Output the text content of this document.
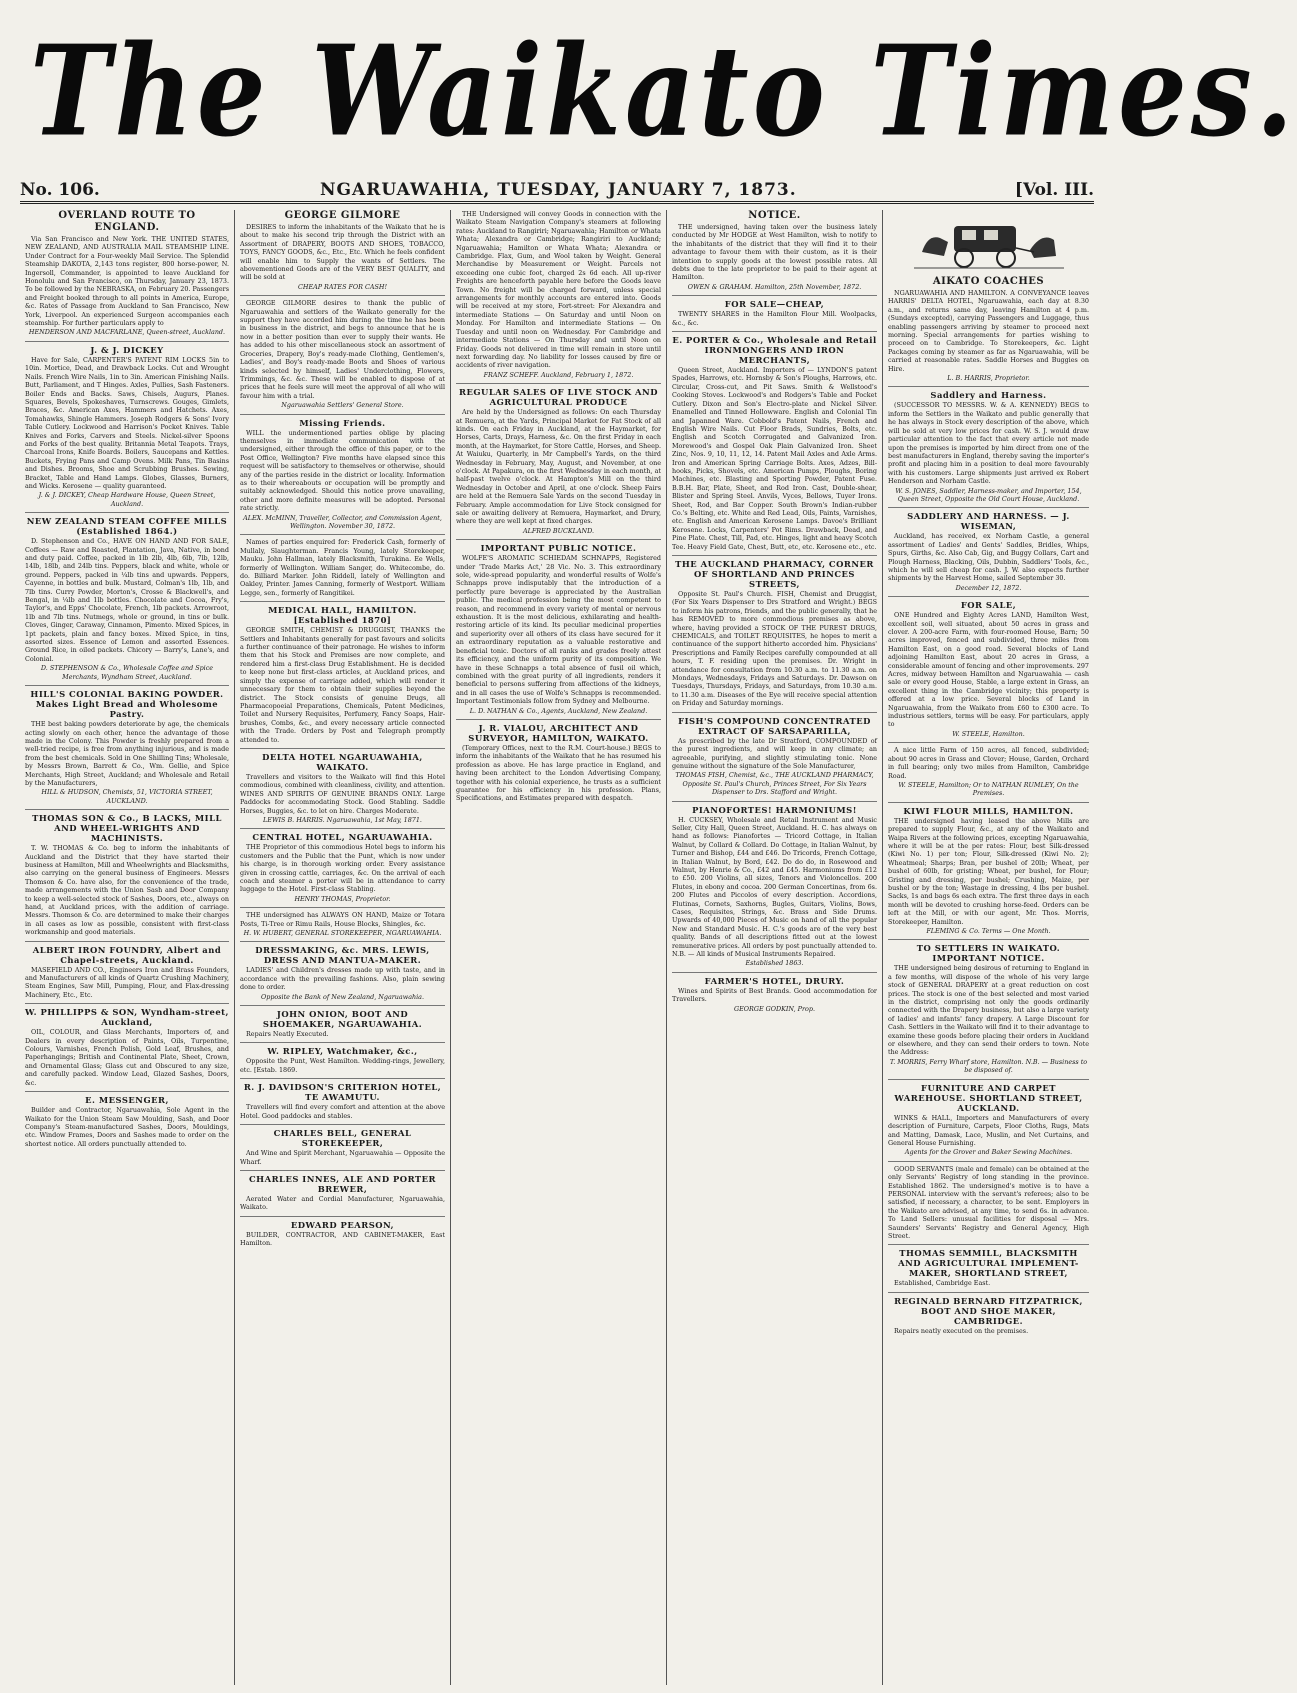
The Waikato Times.
No. 106.	NGARUAWAHIA, TUESDAY, JANUARY 7, 1873.	[Vol. III.
OVERLAND ROUTE TO ENGLAND.
Via San Francisco and New York. THE UNITED STATES, NEW ZEALAND, AND AUSTRALIA MAIL STEAMSHIP LINE. Under Contract for a Four-weekly Mail Service. The Splendid Steamship DAKOTA, 2,143 tons register, 800 horse-power, N. Ingersoll, Commander, is appointed to leave Auckland for Honolulu and San Francisco, on Thursday, January 23, 1873. To be followed by the NEBRASKA, on February 20. Passengers and Freight booked through to all points in America, Europe, &c. Rates of Passage from Auckland to San Francisco, New York, Liverpool. An experienced Surgeon accompanies each steamship. For further particulars apply to
HENDERSON AND MACFARLANE, Queen-street, Auckland.
J. & J. DICKEY
Have for Sale, CARPENTER'S PATENT RIM LOCKS 5in to 10in. Mortice, Dead, and Drawback Locks. Cut and Wrought Nails. French Wire Nails, 1in to 3in. American Finishing Nails. Butt, Parliament, and T Hinges. Axles, Pullies, Sash Fasteners. Boiler Ends and Backs. Saws, Chisels, Augurs, Planes. Squares, Bevels, Spokeshaves, Turnscrews. Gouges, Gimlets, Braces, &c. American Axes, Hammers and Hatchets. Axes, Tomahawks, Shingle Hammers. Joseph Rodgers & Sons' Ivory Table Cutlery. Lockwood and Harrison's Pocket Knives. Table Knives and Forks, Carvers and Steels. Nickel-silver Spoons and Forks of the best quality. Britannia Metal Teapots. Trays, Charcoal Irons, Knife Boards. Boilers, Saucepans and Kettles. Buckets, Frying Pans and Camp Ovens. Milk Pans, Tin Basins and Dishes. Brooms, Shoe and Scrubbing Brushes. Sewing, Bracket, Table and Hand Lamps. Globes, Glasses, Burners, and Wicks. Kerosene — quality guaranteed.
J. & J. DICKEY, Cheap Hardware House, Queen Street, Auckland.
NEW ZEALAND STEAM COFFEE MILLS (Established 1864.)
D. Stephenson and Co., HAVE ON HAND AND FOR SALE, Coffees — Raw and Roasted, Plantation, Java, Native, in bond and duty paid. Coffee, packed in 1lb 2lb, 4lb, 6lb, 7lb, 12lb, 14lb, 18lb, and 24lb tins. Peppers, black and white, whole or ground. Peppers, packed in ¼lb tins and upwards. Peppers, Cayenne, in bottles and bulk. Mustard, Colman's 1lb, 1lb, and 7lb tins. Curry Powder, Morton's, Crosse & Blackwell's, and Bengal, in ¼lb and 1lb bottles. Chocolate and Cocoa, Fry's, Taylor's, and Epps' Chocolate, French, 1lb packets. Arrowroot, 1lb and 7lb tins. Nutmegs, whole or ground, in tins or bulk. Cloves, Ginger, Caraway, Cinnamon, Pimento. Mixed Spices, in 1pt packets, plain and fancy boxes. Mixed Spice, in tins, assorted sizes. Essence of Lemon and assorted Essences. Ground Rice, in oiled packets. Chicory — Barry's, Lane's, and Colonial.
D. STEPHENSON & Co., Wholesale Coffee and Spice Merchants, Wyndham Street, Auckland.
HILL'S COLONIAL BAKING POWDER. Makes Light Bread and Wholesome Pastry.
THE best baking powders deteriorate by age, the chemicals acting slowly on each other, hence the advantage of those made in the Colony. This Powder is freshly prepared from a well-tried recipe, is free from anything injurious, and is made from the best chemicals. Sold in One Shilling Tins; Wholesale, by Messrs Brown, Barrett & Co., Wm. Gellie, and Spice Merchants, High Street, Auckland; and Wholesale and Retail by the Manufacturers,
HILL & HUDSON, Chemists, 51, VICTORIA STREET, AUCKLAND.
THOMAS SON & Co., B LACKS, MILL AND WHEEL-WRIGHTS AND MACHINISTS.
T. W. THOMAS & Co. beg to inform the inhabitants of Auckland and the District that they have started their business at Hamilton, Mill and Wheelwrights and Blacksmiths, also carrying on the general business of Engineers. Messrs Thomson & Co. have also, for the convenience of the trade, made arrangements with the Union Sash and Door Company to keep a well-selected stock of Sashes, Doors, etc., always on hand, at Auckland prices, with the addition of carriage. Messrs. Thomson & Co. are determined to make their charges in all cases as low as possible, consistent with first-class workmanship and good materials.
ALBERT IRON FOUNDRY, Albert and Chapel-streets, Auckland.
MASEFIELD AND CO., Engineers Iron and Brass Founders, and Manufacturers of all kinds of Quartz Crushing Machinery, Steam Engines, Saw Mill, Pumping, Flour, and Flax-dressing Machinery, Etc., Etc.
W. PHILLIPPS & SON, Wyndham-street, Auckland,
OIL, COLOUR, and Glass Merchants, Importers of, and Dealers in every description of Paints, Oils, Turpentine, Colours, Varnishes, French Polish, Gold Leaf, Brushes, and Paperhangings; British and Continental Plate, Sheet, Crown, and Ornamental Glass; Glass cut and Obscured to any size, and carefully packed. Window Lead, Glazed Sashes, Doors, &c.
E. MESSENGER,
Builder and Contractor, Ngaruawahia, Sole Agent in the Waikato for the Union Steam Saw Moulding, Sash, and Door Company's Steam-manufactured Sashes, Doors, Mouldings, etc. Window Frames, Doors and Sashes made to order on the shortest notice. All orders punctually attended to.
GEORGE GILMORE
DESIRES to inform the inhabitants of the Waikato that he is about to make his second trip through the District with an Assortment of DRAPERY, BOOTS AND SHOES, TOBACCO, TOYS, FANCY GOODS, &c., Etc., Etc. Which he feels confident will enable him to Supply the wants of Settlers. The abovementioned Goods are of the VERY BEST QUALITY, and will be sold at
CHEAP RATES FOR CASH!
GEORGE GILMORE desires to thank the public of Ngaruawahia and settlers of the Waikato generally for the support they have accorded him during the time he has been in business in the district, and begs to announce that he is now in a better position than ever to supply their wants. He has added to his other miscellaneous stock an assortment of Groceries, Drapery, Boy's ready-made Clothing, Gentlemen's, Ladies', and Boy's ready-made Boots and Shoes of various kinds selected by himself, Ladies' Underclothing, Flowers, Trimmings, &c. &c. These will be enabled to dispose of at prices that he feels sure will meet the approval of all who will favour him with a trial.
Ngaruawahia Settlers' General Store.
Missing Friends.
WILL the undermentioned parties oblige by placing themselves in immediate communication with the undersigned, either through the office of this paper, or to the Post Office, Wellington? Five months have elapsed since this request will be satisfactory to themselves or otherwise, should any of the parties reside in the district or locality. Information as to their whereabouts or occupation will be promptly and suitably acknowledged. Should this notice prove unavailing, other and more definite measures will be adopted. Personal rate strictly.
ALEX. McMINN, Traveller, Collector, and Commission Agent, Wellington. November 30, 1872.
Names of parties enquired for: Frederick Cash, formerly of Mullaly, Slaughterman. Francis Young, lately Storekeeper, Mauku. John Hallman, lately Blacksmith, Turakina. Ee Wells, formerly of Wellington. William Sanger, do. Whitecombe, do. do. Billiard Marker. John Riddell, lately of Wellington and Oakley, Printer. James Canning, formerly of Westport. William Legge, sen., formerly of Rangitikei.
MEDICAL HALL, HAMILTON. [Established 1870]
GEORGE SMITH, CHEMIST & DRUGGIST, THANKS the Settlers and Inhabitants generally for past favours and solicits a further continuance of their patronage. He wishes to inform them that his Stock and Premises are now complete, and rendered him a first-class Drug Establishment. He is decided to keep none but first-class articles, at Auckland prices, and simply the expense of carriage added, which will render it unnecessary for them to obtain their supplies beyond the district. The Stock consists of genuine Drugs, all Pharmacopoeial Preparations, Chemicals, Patent Medicines, Toilet and Nursery Requisites, Perfumery, Fancy Soaps, Hair-brushes, Combs, &c., and every necessary article connected with the Trade. Orders by Post and Telegraph promptly attended to.
DELTA HOTEL NGARUAWAHIA, WAIKATO.
Travellers and visitors to the Waikato will find this Hotel commodious, combined with cleanliness, civility, and attention. WINES AND SPIRITS OF GENUINE BRANDS ONLY. Large Paddocks for accommodating Stock. Good Stabling. Saddle Horses, Buggies, &c. to let on hire. Charges Moderate.
LEWIS B. HARRIS. Ngaruawahia, 1st May, 1871.
CENTRAL HOTEL, NGARUAWAHIA.
THE Proprietor of this commodious Hotel begs to inform his customers and the Public that the Punt, which is now under his charge, is in thorough working order. Every assistance given in crossing cattle, carriages, &c. On the arrival of each coach and steamer a porter will be in attendance to carry luggage to the Hotel. First-class Stabling.
HENRY THOMAS, Proprietor.
THE undersigned has ALWAYS ON HAND, Maize or Totara Posts, Ti-Tree or Rimu Rails, House Blocks, Shingles, &c.
H. W. HUBERT, GENERAL STOREKEEPER, NGARUAWAHIA.
DRESSMAKING, &c. MRS. LEWIS, DRESS AND MANTUA-MAKER.
LADIES' and Children's dresses made up with taste, and in accordance with the prevailing fashions. Also, plain sewing done to order.
Opposite the Bank of New Zealand, Ngaruawahia.
JOHN ONION, BOOT AND SHOEMAKER, NGARUAWAHIA.
Repairs Neatly Executed.
W. RIPLEY, Watchmaker, &c.,
Opposite the Punt, West Hamilton. Wedding-rings, Jewellery, etc. [Estab. 1869.
R. J. DAVIDSON'S CRITERION HOTEL, TE AWAMUTU.
Travellers will find every comfort and attention at the above Hotel. Good paddocks and stables.
CHARLES BELL, GENERAL STOREKEEPER,
And Wine and Spirit Merchant, Ngaruawahia — Opposite the Wharf.
CHARLES INNES, ALE AND PORTER BREWER,
Aerated Water and Cordial Manufacturer, Ngaruawahia, Waikato.
EDWARD PEARSON,
BUILDER, CONTRACTOR, AND CABINET-MAKER, East Hamilton.
THE Undersigned will convey Goods in connection with the Waikato Steam Navigation Company's steamers at following rates: Auckland to Rangiriri; Ngaruawahia; Hamilton or Whata Whata; Alexandra or Cambridge; Rangiriri to Auckland; Ngaruawahia; Hamilton or Whata Whata; Alexandra or Cambridge. Flax, Gum, and Wool taken by Weight. General Merchandise by Measurement or Weight. Parcels not exceeding one cubic foot, charged 2s 6d each. All up-river Freights are henceforth payable here before the Goods leave Town. No freight will be charged forward, unless special arrangements for monthly accounts are entered into. Goods will be received at my store, Fort-street: For Alexandra and intermediate Stations — On Saturday and until Noon on Monday. For Hamilton and intermediate Stations — On Tuesday and until noon on Wednesday. For Cambridge and intermediate Stations — On Thursday and until Noon on Friday. Goods not delivered in time will remain in store until next forwarding day. No liability for losses caused by fire or accidents of river navigation.
FRANZ SCHEFF. Auckland, February 1, 1872.
REGULAR SALES OF LIVE STOCK AND AGRICULTURAL PRODUCE
Are held by the Undersigned as follows: On each Thursday at Remuera, at the Yards, Principal Market for Fat Stock of all kinds. On each Friday in Auckland, at the Haymarket, for Horses, Carts, Drays, Harness, &c. On the first Friday in each month, at the Haymarket, for Store Cattle, Horses, and Sheep. At Waiuku, Quarterly, in Mr Campbell's Yards, on the third Wednesday in February, May, August, and November, at one o'clock. At Papakura, on the first Wednesday in each month, at half-past twelve o'clock. At Hampton's Mill on the third Wednesday in October and April, at one o'clock. Sheep Fairs are held at the Remuera Sale Yards on the second Tuesday in February. Ample accommodation for Live Stock consigned for sale or awaiting delivery at Remuera, Haymarket, and Drury, where they are well kept at fixed charges.
ALFRED BUCKLAND.
IMPORTANT PUBLIC NOTICE.
WOLFE'S AROMATIC SCHIEDAM SCHNAPPS, Registered under 'Trade Marks Act,' 28 Vic. No. 3. This extraordinary sole, wide-spread popularity, and wonderful results of Wolfe's Schnapps prove indisputably that the introduction of a perfectly pure beverage is appreciated by the Australian public. The medical profession being the most competent to reason, and recommend in every variety of mental or nervous exhaustion. It is the most delicious, exhilarating and health-restoring article of its kind. Its peculiar medicinal properties and superiority over all others of its class have secured for it an extraordinary reputation as a valuable restorative and beneficial tonic. Doctors of all ranks and grades freely attest its efficiency, and the uniform purity of its composition. We have in these Schnapps a total absence of fusil oil which, combined with the great purity of all ingredients, renders it beneficial to persons suffering from affections of the kidneys, and in all cases the use of Wolfe's Schnapps is recommended. Important Testimonials follow from Sydney and Melbourne.
L. D. NATHAN & Co., Agents, Auckland, New Zealand.
J. R. VIALOU, ARCHITECT AND SURVEYOR, HAMILTON, WAIKATO.
(Temporary Offices, next to the R.M. Court-house.) BEGS to inform the inhabitants of the Waikato that he has resumed his profession as above. He has large practice in England, and having been architect to the London Advertising Company, together with his colonial experience, he trusts as a sufficient guarantee for his efficiency in his profession. Plans, Specifications, and Estimates prepared with despatch.
NOTICE.
THE undersigned, having taken over the business lately conducted by Mr HODGE at West Hamilton, wish to notify to the inhabitants of the district that they will find it to their advantage to favour them with their custom, as it is their intention to supply goods at the lowest possible rates. All debts due to the late proprietor to be paid to their agent at Hamilton.
OWEN & GRAHAM. Hamilton, 25th November, 1872.
FOR SALE—CHEAP,
TWENTY SHARES in the Hamilton Flour Mill. Woolpacks, &c., &c.
E. PORTER & Co., Wholesale and Retail IRONMONGERS AND IRON MERCHANTS,
Queen Street, Auckland. Importers of — LYNDON'S patent Spades, Harrows, etc. Hornsby & Son's Ploughs, Harrows, etc. Circular, Cross-cut, and Pit Saws. Smith & Wellstood's Cooking Stoves. Lockwood's and Rodgers's Table and Pocket Cutlery. Dixon and Son's Electro-plate and Nickel Silver. Enamelled and Tinned Hollowware. English and Colonial Tin and Japanned Ware. Cobbold's Patent Nails, French and English Wire Nails. Cut Floor Brads, Sundries, Bolts, etc. English and Scotch Corrugated and Galvanized Iron. Morewood's and Gospel Oak Plain Galvanized Iron. Sheet Zinc, Nos. 9, 10, 11, 12, 14. Patent Mail Axles and Axle Arms. Iron and American Spring Carriage Bolts. Axes, Adzes, Bill-hooks, Picks, Shovels, etc. American Pumps, Ploughs, Boring Machines, etc. Blasting and Sporting Powder, Patent Fuse. B.B.H. Bar, Plate, Sheet, and Rod Iron. Cast, Double-shear, Blister and Spring Steel. Anvils, Vyces, Bellows, Tuyer Irons. Sheet, Rod, and Bar Copper. South Brown's Indian-rubber Co.'s Belting, etc. White and Red Lead, Oils, Paints, Varnishes, etc. English and American Kerosene Lamps. Davoe's Brilliant Kerosene. Locks, Carpenters' Pot Rims. Drawback, Dead, and Pine Plate. Chest, Till, Pad, etc. Hinges, light and heavy Scotch Tee. Heavy Field Gate, Chest, Butt, etc, etc. Kerosene etc., etc.
THE AUCKLAND PHARMACY, CORNER OF SHORTLAND AND PRINCES STREETS,
Opposite St. Paul's Church. FISH, Chemist and Druggist, (For Six Years Dispenser to Drs Stratford and Wright.) BEGS to inform his patrons, friends, and the public generally, that he has REMOVED to more commodious premises as above, where, having provided a STOCK OF THE PUREST DRUGS, CHEMICALS, and TOILET REQUISITES, he hopes to merit a continuance of the support hitherto accorded him. Physicians' Prescriptions and Family Recipes carefully compounded at all hours, T. F. residing upon the premises. Dr. Wright in attendance for consultation from 10.30 a.m. to 11.30 a.m. on Mondays, Wednesdays, Fridays and Saturdays. Dr. Dawson on Tuesdays, Thursdays, Fridays, and Saturdays, from 10.30 a.m. to 11.30 a.m. Diseases of the Eye will receive special attention on Friday and Saturday mornings.
FISH'S COMPOUND CONCENTRATED EXTRACT OF SARSAPARILLA,
As prescribed by the late Dr Stratford, COMPOUNDED of the purest ingredients, and will keep in any climate; an agreeable, purifying, and slightly stimulating tonic. None genuine without the signature of the Sole Manufacturer,
THOMAS FISH, Chemist, &c., THE AUCKLAND PHARMACY, Opposite St. Paul's Church, Princes Street, For Six Years Dispenser to Drs. Stafford and Wright.
PIANOFORTES! HARMONIUMS!
H. CUCKSEY, Wholesale and Retail Instrument and Music Seller, City Hall, Queen Street, Auckland. H. C. has always on hand as follows: Pianofortes — Tricord Cottage, in Italian Walnut, by Collard & Collard. Do Cottage, in Italian Walnut, by Turner and Bishop, £44 and £46. Do Tricords, French Cottage, in Italian Walnut, by Bord, £42. Do do do, in Rosewood and Walnut, by Henrie & Co., £42 and £45. Harmoniums from £12 to £50. 200 Violins, all sizes, Tenors and Violoncellos. 200 Flutes, in ebony and cocoa. 200 German Concertinas, from 6s. 200 Flutes and Piccolos of every description. Accordions, Flutinas, Cornets, Saxhorns, Bugles, Guitars, Violins, Bows, Cases, Requisites, Strings, &c. Brass and Side Drums. Upwards of 40,000 Pieces of Music on hand of all the popular New and Standard Music. H. C.'s goods are of the very best quality. Bands of all descriptions fitted out at the lowest remunerative prices. All orders by post punctually attended to. N.B. — All kinds of Musical Instruments Repaired.
Established 1863.
FARMER'S HOTEL, DRURY.
Wines and Spirits of Best Brands. Good accommodation for Travellers.
GEORGE GODKIN, Prop.
AIKATO COACHES
NGARUAWAHIA AND HAMILTON. A CONVEYANCE leaves HARRIS' DELTA HOTEL, Ngaruawahia, each day at 8.30 a.m., and returns same day, leaving Hamilton at 4 p.m. (Sundays excepted), carrying Passengers and Luggage, thus enabling passengers arriving by steamer to proceed next morning. Special arrangements for parties wishing to proceed on to Cambridge. To Storekeepers, &c. Light Packages coming by steamer as far as Ngaruawahia, will be carried at reasonable rates. Saddle Horses and Buggies on Hire.
L. B. HARRIS, Proprietor.
Saddlery and Harness.
(SUCCESSOR TO MESSRS. W. & A. KENNEDY) BEGS to inform the Settlers in the Waikato and public generally that he has always in Stock every description of the above, which will be sold at very low prices for cash. W. S. J. would draw particular attention to the fact that every article not made upon the premises is imported by him direct from one of the best manufacturers in England, thereby saving the importer's profit and placing him in a position to deal more favourably with his customers. Large shipments just arrived ex Robert Henderson and Norham Castle.
W. S. JONES, Saddler, Harness-maker, and Importer, 154, Queen Street, Opposite the Old Court House, Auckland.
SADDLERY AND HARNESS. — J. WISEMAN,
Auckland, has received, ex Norham Castle, a general assortment of Ladies' and Gents' Saddles, Bridles, Whips, Spurs, Girths, &c. Also Cab, Gig, and Buggy Collars, Cart and Plough Harness, Blacking, Oils, Dubbin, Saddlers' Tools, &c., which he will sell cheap for cash. J. W. also expects further shipments by the Harvest Home, sailed September 30.
December 12, 1872.
FOR SALE,
ONE Hundred and Eighty Acres LAND, Hamilton West, excellent soil, well situated, about 50 acres in grass and clover. A 200-acre Farm, with four-roomed House, Barn; 50 acres improved, fenced and subdivided, three miles from Hamilton East, on a good road. Several blocks of Land adjoining Hamilton East, about 20 acres in Grass, a considerable amount of fencing and other improvements. 297 Acres, midway between Hamilton and Ngaruawahia — cash sale or every good House, Stable, a large extent in Grass, an excellent thing in the Cambridge vicinity; this property is offered at a low price. Several blocks of Land in Ngaruawahia, from the Waikato from £60 to £300 acre. To industrious settlers, terms will be easy. For particulars, apply to
W. STEELE, Hamilton.
A nice little Farm of 150 acres, all fenced, subdivided; about 90 acres in Grass and Clover; House, Garden, Orchard in full bearing; only two miles from Hamilton, Cambridge Road.
W. STEELE, Hamilton; Or to NATHAN RUMLEY, On the Premises.
KIWI FLOUR MILLS, HAMILTON.
THE undersigned having leased the above Mills are prepared to supply Flour, &c., at any of the Waikato and Waipa Rivers at the following prices, excepting Ngaruawahia, where it will be at the per rates: Flour, best Silk-dressed (Kiwi No. 1) per ton; Flour, Silk-dressed (Kiwi No. 2); Wheatmeal; Sharps; Bran, per bushel of 20lb; Wheat, per bushel of 60lb, for gristing; Wheat, per bushel, for Flour; Gristing and dressing, per bushel; Crushing, Maize, per bushel or by the ton; Wastage in dressing, 4 lbs per bushel. Sacks, 1s and bags 6s each extra. The first three days in each month will be devoted to crushing horse-feed. Orders can be left at the Mill, or with our agent, Mr. Thos. Morris, Storekeeper, Hamilton.
FLEMING & Co. Terms — One Month.
TO SETTLERS IN WAIKATO. IMPORTANT NOTICE.
THE undersigned being desirous of returning to England in a few months, will dispose of the whole of his very large stock of GENERAL DRAPERY at a great reduction on cost prices. The stock is one of the best selected and most varied in the district, comprising not only the goods ordinarily connected with the Drapery business, but also a large variety of ladies' and infants' fancy drapery. A Large Discount for Cash. Settlers in the Waikato will find it to their advantage to examine these goods before placing their orders in Auckland or elsewhere, and they can send their orders to town. Note the Address:
T. MORRIS, Ferry Wharf store, Hamilton. N.B. — Business to be disposed of.
FURNITURE AND CARPET WAREHOUSE. SHORTLAND STREET, AUCKLAND.
WINKS & HALL, Importers and Manufacturers of every description of Furniture, Carpets, Floor Cloths, Rugs, Mats and Matting, Damask, Lace, Muslin, and Net Curtains, and General House Furnishing.
Agents for the Grover and Baker Sewing Machines.
GOOD SERVANTS (male and female) can be obtained at the only Servants' Registry of long standing in the province. Established 1862. The undersigned's motive is to have a PERSONAL interview with the servant's referees; also to be satisfied, if necessary, a character, to be sent. Employers in the Waikato are advised, at any time, to send 6s. in advance. To Land Sellers: unusual facilities for disposal — Mrs. Saunders' Servants' Registry and General Agency, High Street.
THOMAS SEMMILL, BLACKSMITH AND AGRICULTURAL IMPLEMENT-MAKER, SHORTLAND STREET,
Established, Cambridge East.
REGINALD BERNARD FITZPATRICK, BOOT AND SHOE MAKER, CAMBRIDGE.
Repairs neatly executed on the premises.
